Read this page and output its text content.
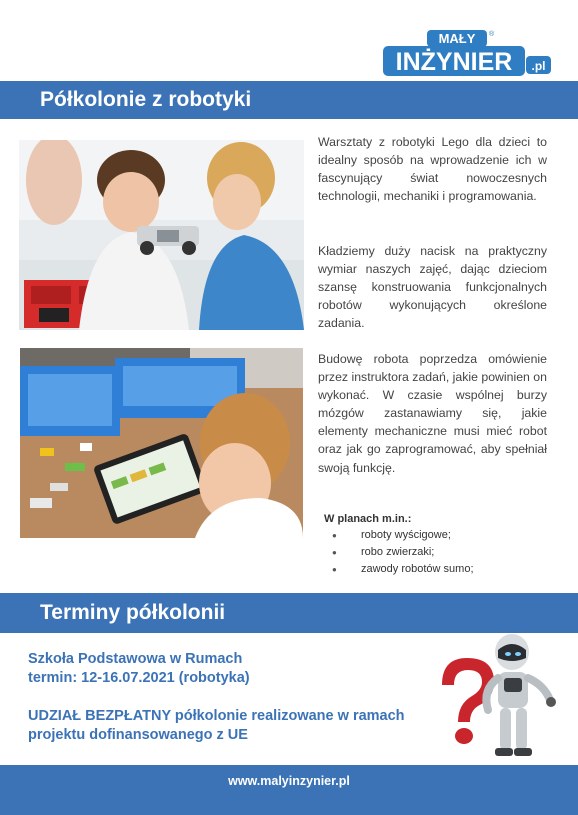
MAŁY ®
INŻYNIER .pl
Półkolonie z robotyki
Warsztaty z robotyki Lego dla dzieci to idealny sposób na wprowadzenie ich w fascynujący świat nowoczesnych technologii, mechaniki i programowania.
Kładziemy duży nacisk na praktyczny wymiar naszych zajęć, dając dzieciom szansę konstruowania funkcjonalnych robotów wykonujących określone zadania.
Budowę robota poprzedza omówienie przez instruktora zadań, jakie powinien on wykonać. W czasie wspólnej burzy mózgów zastanawiamy się, jakie elementy mechaniczne musi mieć robot oraz jak go zaprogramować, aby spełniał swoją funkcję.
W planach m.in.:
● roboty wyścigowe;
● robo zwierzaki;
● zawody robotów sumo;
Terminy półkolonii
Szkoła Podstawowa w Rumach
termin: 12-16.07.2021 (robotyka)
UDZIAŁ BEZPŁATNY półkolonie realizowane w ramach
projektu dofinansowanego z UE
www.malyinzynier.pl
